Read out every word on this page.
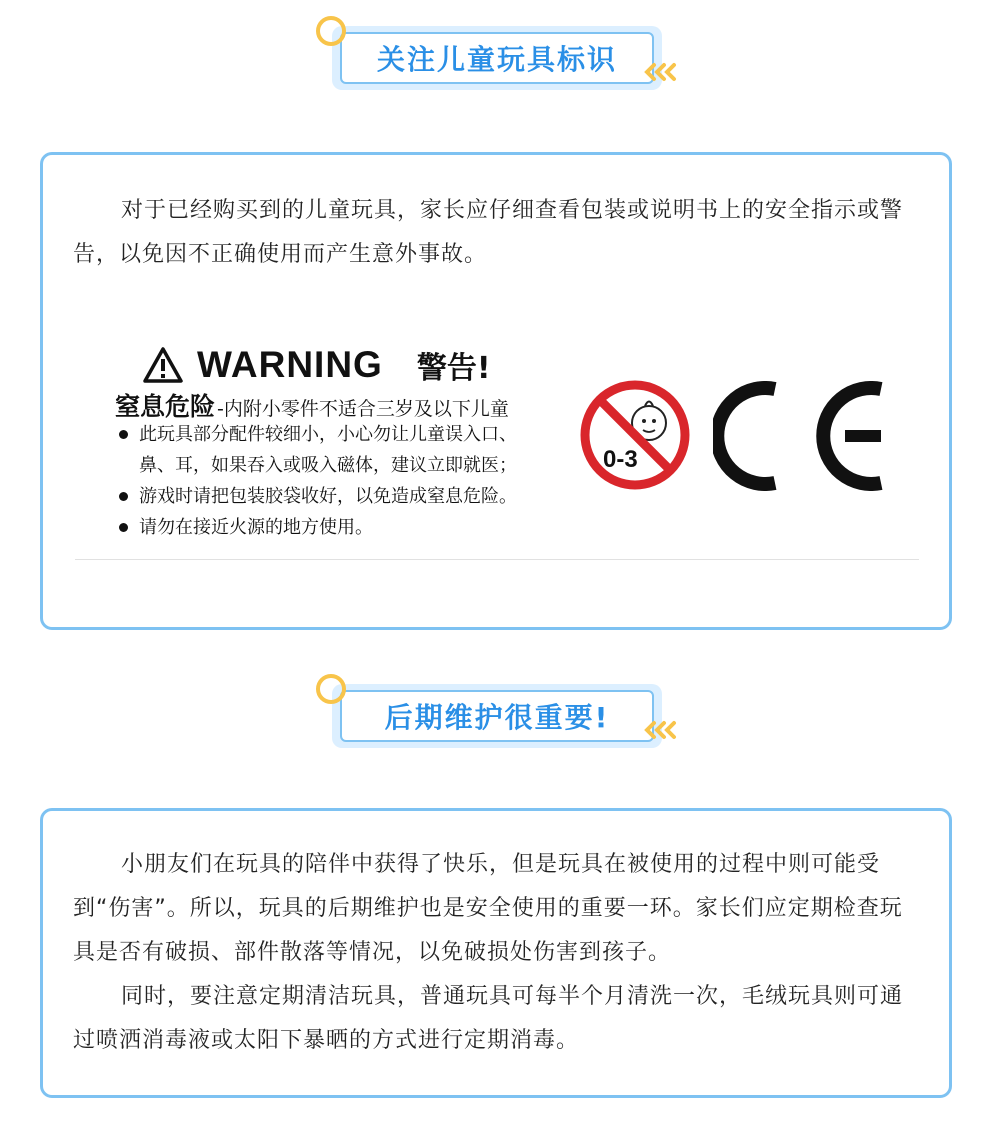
关注儿童玩具标识

对于已经购买到的儿童玩具，家长应仔细查看包装或说明书上的安全指示或警告，以免因不正确使用而产生意外事故。

WARNING 警告!
窒息危险 -内附小零件不适合三岁及以下儿童
此玩具部分配件较细小，小心勿让儿童误入口、
鼻、耳，如果吞入或吸入磁体，建议立即就医；
游戏时请把包装胶袋收好，以免造成窒息危险。
请勿在接近火源的地方使用。
0-3
后期维护很重要!

小朋友们在玩具的陪伴中获得了快乐，但是玩具在被使用的过程中则可能受到“伤害”。所以，玩具的后期维护也是安全使用的重要一环。家长们应定期检查玩具是否有破损、部件散落等情况，以免破损处伤害到孩子。

同时，要注意定期清洁玩具，普通玩具可每半个月清洗一次，毛绒玩具则可通过喷洒消毒液或太阳下暴晒的方式进行定期消毒。
